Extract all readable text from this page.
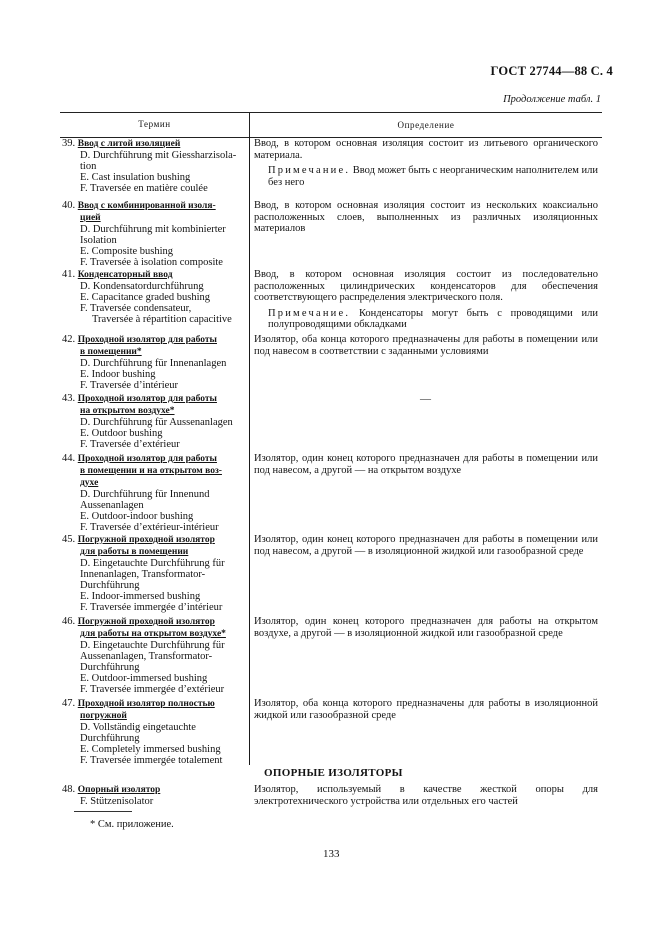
ГОСТ 27744—88 С. 4
Продолжение табл. 1
Термин	Определение
39. Ввод с литой изоляцией
D. Durchführung mit Giessharzisola-
tion
E. Cast insulation bushing
F. Traversée en matière coulée

Ввод, в котором основная изоляция состоит из литьевого органического материала.

Примечание. Ввод может быть с неорганическим наполнителем или без него

40. Ввод с комбинированной изоля-
цией
D. Durchführung mit kombinierter
Isolation
E. Composite bushing
F. Traversée à isolation composite

Ввод, в котором основная изоляция состоит из нескольких коаксиально расположенных слоев, выполненных из различных изоляционных материалов

41. Конденсаторный ввод
D. Kondensatordurchführung
E. Capacitance graded bushing
F. Traversée condensateur,
Traversée à répartition capacitive

Ввод, в котором основная изоляция состоит из последовательно расположенных цилиндрических конденсаторов для обеспечения соответствующего распределения электрического поля.

Примечание. Конденсаторы могут быть с проводящими или полупроводящими обкладками

42. Проходной изолятор для работы
в помещении*
D. Durchführung für Innenanlagen
E. Indoor bushing
F. Traversée d’intérieur

Изолятор, оба конца которого предназначены для работы в помещении или под навесом в соответствии с заданными условиями

43. Проходной изолятор для работы
на открытом воздухе*
D. Durchführung für Aussenanlagen
E. Outdoor bushing
F. Traversée d’extérieur
—
44. Проходной изолятор для работы
в помещении и на открытом воз-
духе
D. Durchführung für Innenund
Aussenanlagen
E. Outdoor-indoor bushing
F. Traversée d’extérieur-intérieur

Изолятор, один конец которого предназначен для работы в помещении или под навесом, а другой — на открытом воздухе

45. Погружной проходной изолятор
для работы в помещении
D. Eingetauchte Durchführung für
Innenanlagen, Transformator-
Durchführung
E. Indoor-immersed bushing
F. Traversée immergée d’intérieur

Изолятор, один конец которого предназначен для работы в помещении или под навесом, а другой — в изоляционной жидкой или газообразной среде

46. Погружной проходной изолятор
для работы на открытом воздухе*
D. Eingetauchte Durchführung für
Aussenanlagen, Transformator-
Durchführung
E. Outdoor-immersed bushing
F. Traversée immergée d’extérieur

Изолятор, один конец которого предназначен для работы на открытом воздухе, а другой — в изоляционной жидкой или газообразной среде

47. Проходной изолятор полностью
погружной
D. Vollständig eingetauchte
Durchführung
E. Completely immersed bushing
F. Traversée immergée totalement

Изолятор, оба конца которого предназначены для работы в изоляционной жидкой или газообразной среде

ОПОРНЫЕ ИЗОЛЯТОРЫ
48. Опорный изолятор
F. Stützenisolator

Изолятор, используемый в качестве жесткой опоры для электротехнического устройства или отдельных его частей

* См. приложение.
133
